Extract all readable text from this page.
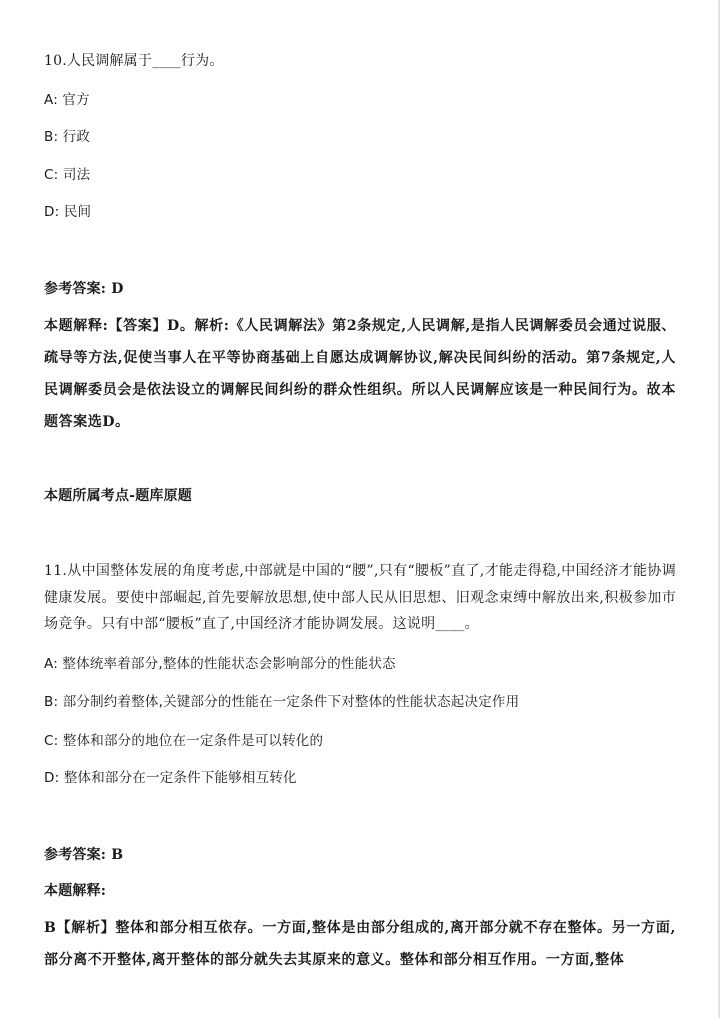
10.人民调解属于____行为。
A: 官方
B: 行政
C: 司法
D: 民间
参考答案: D
本题解释:【答案】D。解析:《人民调解法》第2条规定,人民调解,是指人民调解委员会通过说服、疏导等方法,促使当事人在平等协商基础上自愿达成调解协议,解决民间纠纷的活动。第7条规定,人民调解委员会是依法设立的调解民间纠纷的群众性组织。所以人民调解应该是一种民间行为。故本题答案选D。
本题所属考点-题库原题
11.从中国整体发展的角度考虑,中部就是中国的“腰”,只有“腰板”直了,才能走得稳,中国经济才能协调健康发展。要使中部崛起,首先要解放思想,使中部人民从旧思想、旧观念束缚中解放出来,积极参加市场竞争。只有中部“腰板”直了,中国经济才能协调发展。这说明____。
A: 整体统率着部分,整体的性能状态会影响部分的性能状态
B: 部分制约着整体,关键部分的性能在一定条件下对整体的性能状态起决定作用
C: 整体和部分的地位在一定条件是可以转化的
D: 整体和部分在一定条件下能够相互转化
参考答案: B
本题解释:
B【解析】整体和部分相互依存。一方面,整体是由部分组成的,离开部分就不存在整体。另一方面,部分离不开整体,离开整体的部分就失去其原来的意义。整体和部分相互作用。一方面,整体
